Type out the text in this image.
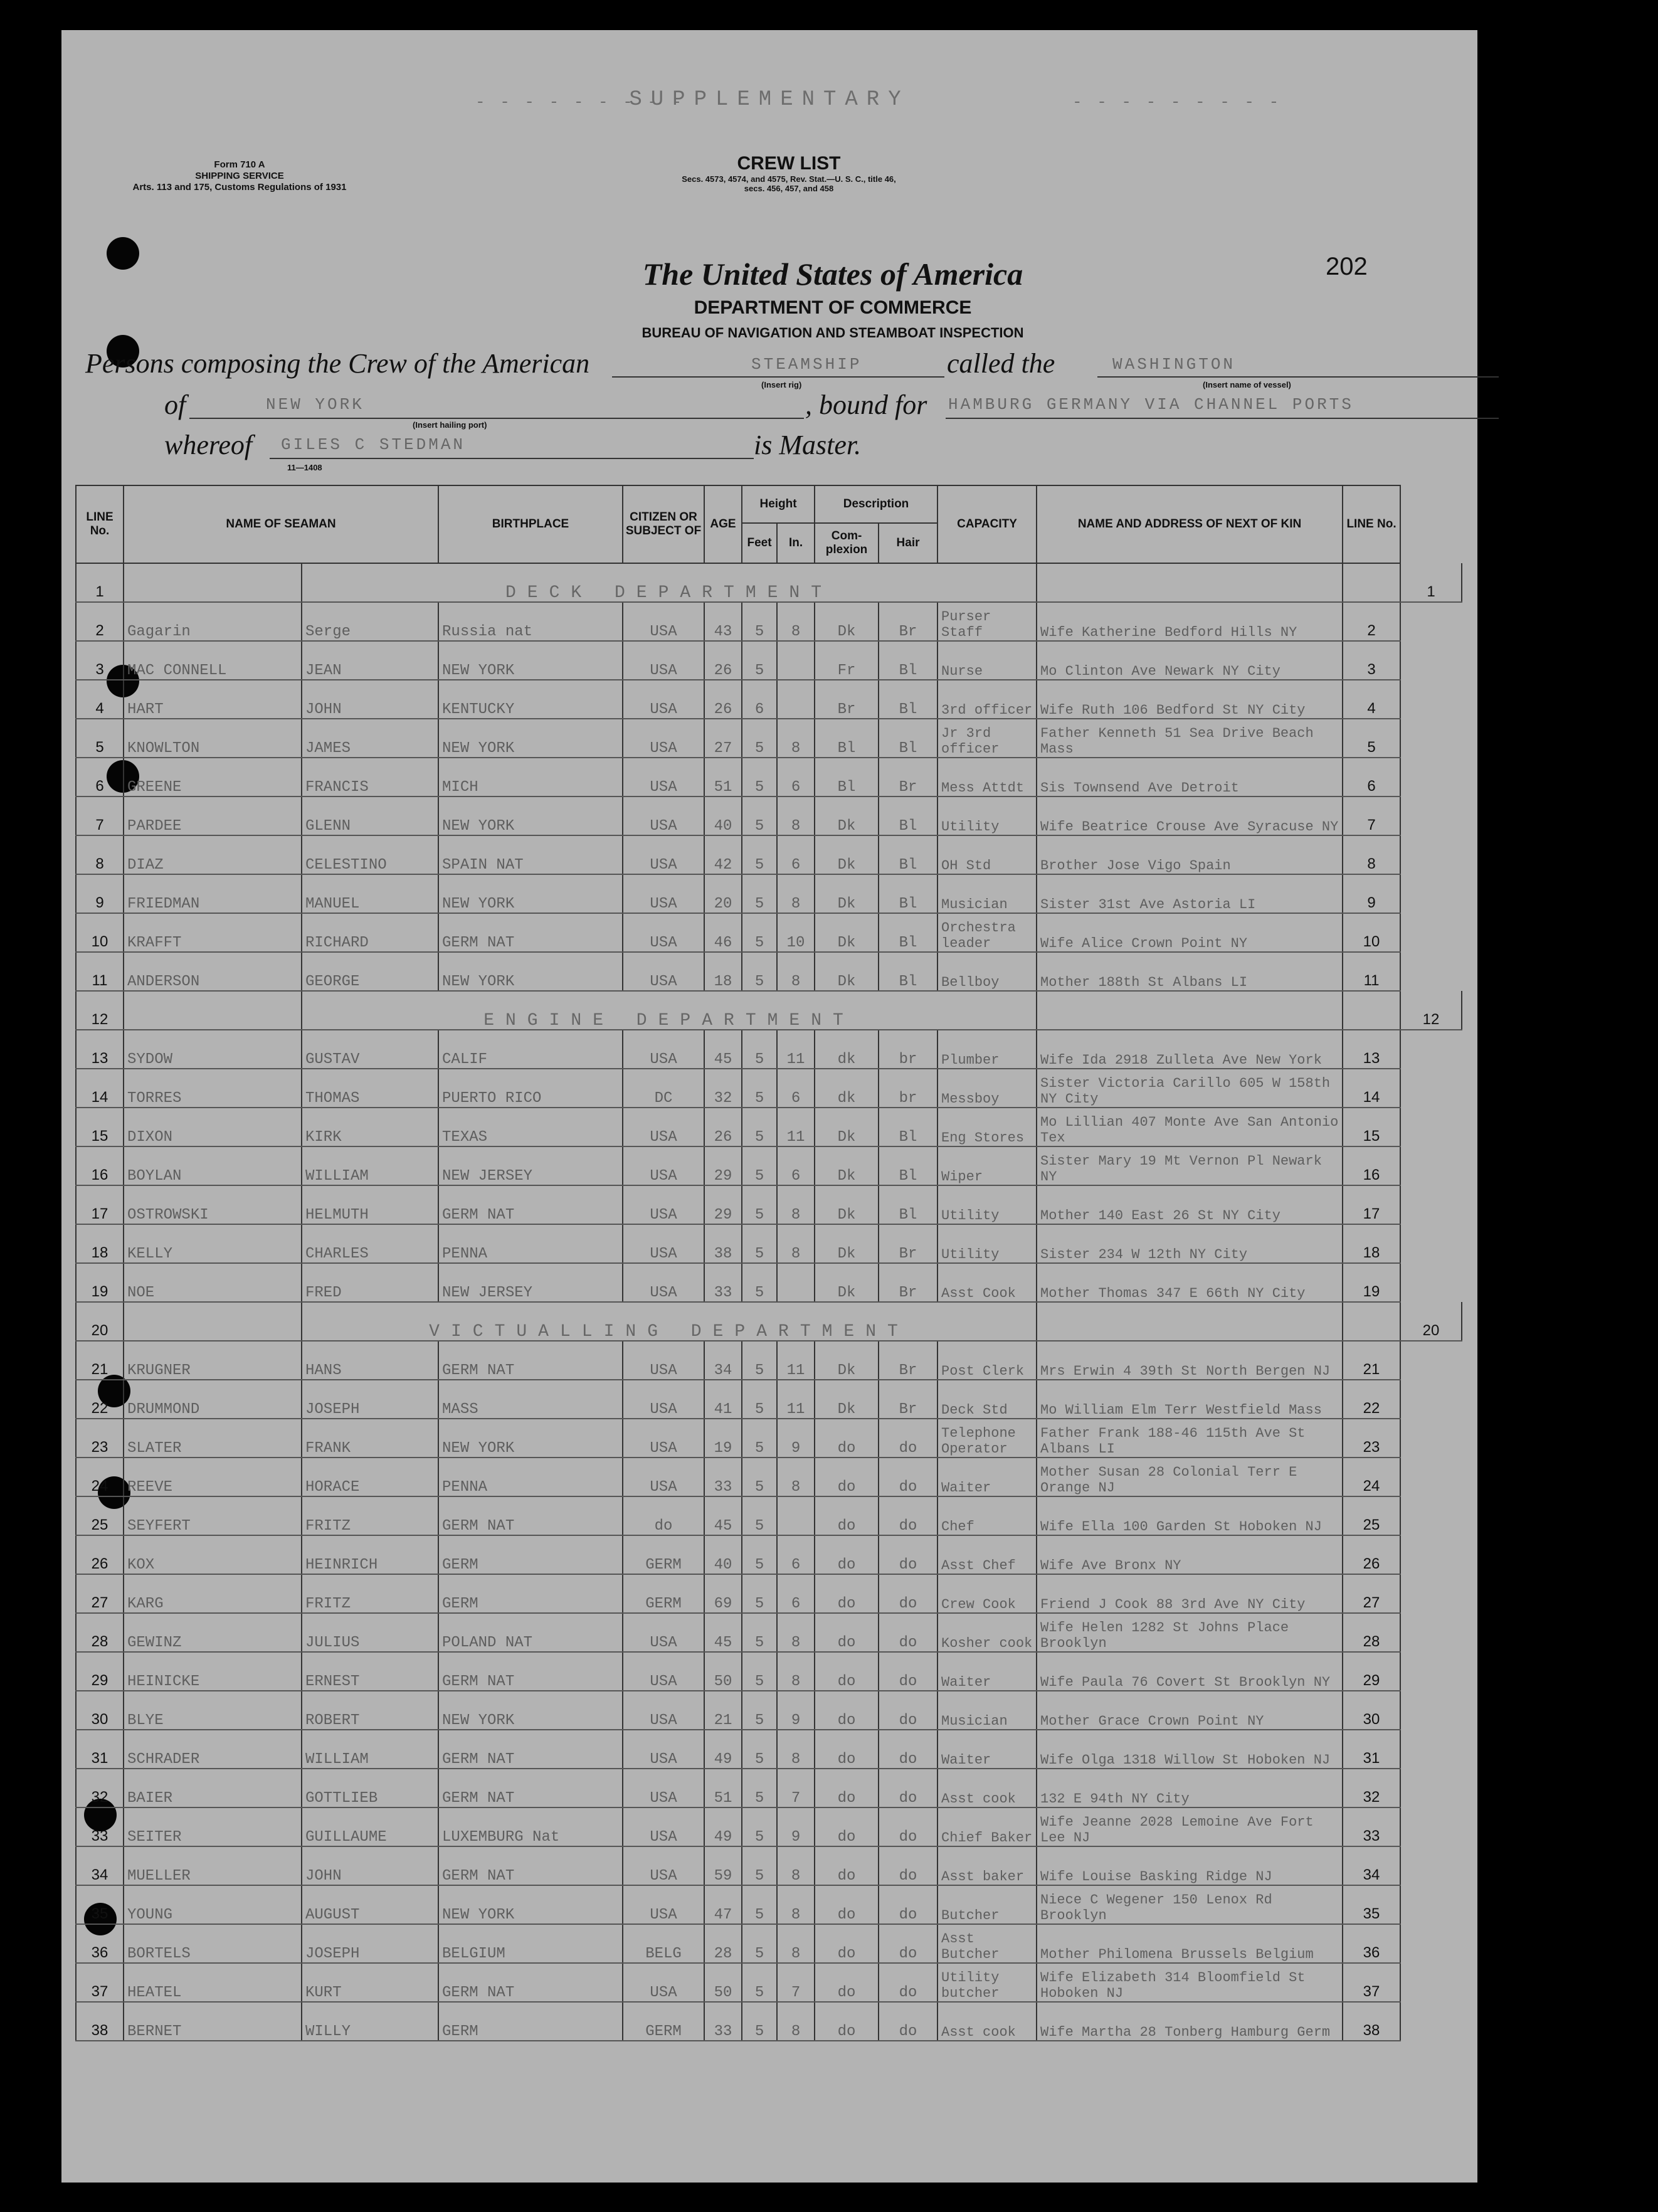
SUPPLEMENTARY
- - - - - - - - -	- - - - - - - - -
Form 710 A
SHIPPING SERVICE
Arts. 113 and 175, Customs Regulations of 1931
CREW LIST
Secs. 4573, 4574, and 4575, Rev. Stat.—U. S. C., title 46,
secs. 456, 457, and 458
The United States of America
DEPARTMENT OF COMMERCE
BUREAU OF NAVIGATION AND STEAMBOAT INSPECTION
202
Persons composing the Crew of the American	STEAMSHIP
(Insert rig)
called the	WASHINGTON
(Insert name of vessel)
of	NEW YORK
(Insert hailing port)
, bound for HAMBURG GERMANY VIA CHANNEL PORTS
whereof GILES C STEDMAN	is Master.
11—1408
LINE No.	NAME OF SEAMAN		BIRTHPLACE	CITIZEN OR SUBJECT OF	AGE	Height		Description		CAPACITY	NAME AND ADDRESS OF NEXT OF KIN	LINE No.	
						Feet	In.	Com-plexion	Hair				
1		DECK DEPARTMENT											1
2	Gagarin	Serge	Russia nat	USA	43	5	8	Dk	Br	Purser Staff	Wife Katherine Bedford Hills NY	2	
3	MAC CONNELL	JEAN	NEW YORK	USA	26	5		Fr	Bl	Nurse	Mo Clinton Ave Newark NY City	3	
4	HART	JOHN	KENTUCKY	USA	26	6		Br	Bl	3rd officer	Wife Ruth 106 Bedford St NY City	4	
5	KNOWLTON	JAMES	NEW YORK	USA	27	5	8	Bl	Bl	Jr 3rd officer	Father Kenneth 51 Sea Drive Beach Mass	5	
6	GREENE	FRANCIS	MICH	USA	51	5	6	Bl	Br	Mess Attdt	Sis Townsend Ave Detroit	6	
7	PARDEE	GLENN	NEW YORK	USA	40	5	8	Dk	Bl	Utility	Wife Beatrice Crouse Ave Syracuse NY	7	
8	DIAZ	CELESTINO	SPAIN NAT	USA	42	5	6	Dk	Bl	OH Std	Brother Jose Vigo Spain	8	
9	FRIEDMAN	MANUEL	NEW YORK	USA	20	5	8	Dk	Bl	Musician	Sister 31st Ave Astoria LI	9	
10	KRAFFT	RICHARD	GERM NAT	USA	46	5	10	Dk	Bl	Orchestra leader	Wife Alice Crown Point NY	10	
11	ANDERSON	GEORGE	NEW YORK	USA	18	5	8	Dk	Bl	Bellboy	Mother 188th St Albans LI	11	
12		ENGINE DEPARTMENT											12
13	SYDOW	GUSTAV	CALIF	USA	45	5	11	dk	br	Plumber	Wife Ida 2918 Zulleta Ave New York	13	
14	TORRES	THOMAS	PUERTO RICO	DC	32	5	6	dk	br	Messboy	Sister Victoria Carillo 605 W 158th NY City	14	
15	DIXON	KIRK	TEXAS	USA	26	5	11	Dk	Bl	Eng Stores	Mo Lillian 407 Monte Ave San Antonio Tex	15	
16	BOYLAN	WILLIAM	NEW JERSEY	USA	29	5	6	Dk	Bl	Wiper	Sister Mary 19 Mt Vernon Pl Newark NY	16	
17	OSTROWSKI	HELMUTH	GERM NAT	USA	29	5	8	Dk	Bl	Utility	Mother 140 East 26 St NY City	17	
18	KELLY	CHARLES	PENNA	USA	38	5	8	Dk	Br	Utility	Sister 234 W 12th NY City	18	
19	NOE	FRED	NEW JERSEY	USA	33	5		Dk	Br	Asst Cook	Mother Thomas 347 E 66th NY City	19	
20		VICTUALLING DEPARTMENT											20
21	KRUGNER	HANS	GERM NAT	USA	34	5	11	Dk	Br	Post Clerk	Mrs Erwin 4 39th St North Bergen NJ	21	
22	DRUMMOND	JOSEPH	MASS	USA	41	5	11	Dk	Br	Deck Std	Mo William Elm Terr Westfield Mass	22	
23	SLATER	FRANK	NEW YORK	USA	19	5	9	do	do	Telephone Operator	Father Frank 188-46 115th Ave St Albans LI	23	
24	REEVE	HORACE	PENNA	USA	33	5	8	do	do	Waiter	Mother Susan 28 Colonial Terr E Orange NJ	24	
25	SEYFERT	FRITZ	GERM NAT	do	45	5		do	do	Chef	Wife Ella 100 Garden St Hoboken NJ	25	
26	KOX	HEINRICH	GERM	GERM	40	5	6	do	do	Asst Chef	Wife Ave Bronx NY	26	
27	KARG	FRITZ	GERM	GERM	69	5	6	do	do	Crew Cook	Friend J Cook 88 3rd Ave NY City	27	
28	GEWINZ	JULIUS	POLAND NAT	USA	45	5	8	do	do	Kosher cook	Wife Helen 1282 St Johns Place Brooklyn	28	
29	HEINICKE	ERNEST	GERM NAT	USA	50	5	8	do	do	Waiter	Wife Paula 76 Covert St Brooklyn NY	29	
30	BLYE	ROBERT	NEW YORK	USA	21	5	9	do	do	Musician	Mother Grace Crown Point NY	30	
31	SCHRADER	WILLIAM	GERM NAT	USA	49	5	8	do	do	Waiter	Wife Olga 1318 Willow St Hoboken NJ	31	
32	BAIER	GOTTLIEB	GERM NAT	USA	51	5	7	do	do	Asst cook	132 E 94th NY City	32	
33	SEITER	GUILLAUME	LUXEMBURG Nat	USA	49	5	9	do	do	Chief Baker	Wife Jeanne 2028 Lemoine Ave Fort Lee NJ	33	
34	MUELLER	JOHN	GERM NAT	USA	59	5	8	do	do	Asst baker	Wife Louise Basking Ridge NJ	34	
35	YOUNG	AUGUST	NEW YORK	USA	47	5	8	do	do	Butcher	Niece C Wegener 150 Lenox Rd Brooklyn	35	
36	BORTELS	JOSEPH	BELGIUM	BELG	28	5	8	do	do	Asst Butcher	Mother Philomena Brussels Belgium	36	
37	HEATEL	KURT	GERM NAT	USA	50	5	7	do	do	Utility butcher	Wife Elizabeth 314 Bloomfield St Hoboken NJ	37	
38	BERNET	WILLY	GERM	GERM	33	5	8	do	do	Asst cook	Wife Martha 28 Tonberg Hamburg Germ	38	
